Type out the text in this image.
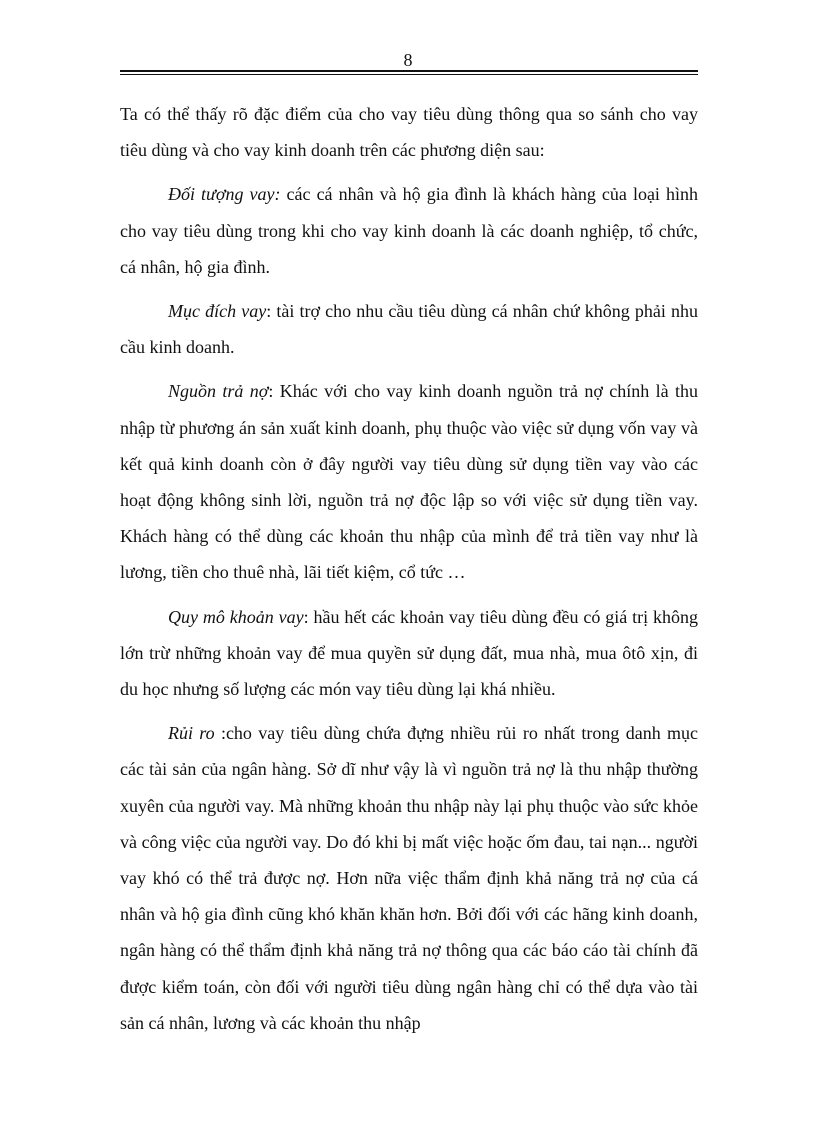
8

Ta có thể thấy rõ đặc điểm của cho vay tiêu dùng thông qua so sánh cho vay tiêu dùng và cho vay kinh doanh trên các phương diện sau:

Đối tượng vay: các cá nhân và hộ gia đình là khách hàng của loại hình cho vay tiêu dùng trong khi cho vay kinh doanh là các doanh nghiệp, tổ chức, cá nhân, hộ gia đình.

Mục đích vay: tài trợ cho nhu cầu tiêu dùng cá nhân chứ không phải nhu cầu kinh doanh.

Nguồn trả nợ: Khác với cho vay kinh doanh nguồn trả nợ chính là thu nhập từ phương án sản xuất kinh doanh, phụ thuộc vào việc sử dụng vốn vay và kết quả kinh doanh còn ở đây người vay tiêu dùng sử dụng tiền vay vào các hoạt động không sinh lời, nguồn trả nợ độc lập so với việc sử dụng tiền vay. Khách hàng có thể dùng các khoản thu nhập của mình để trả tiền vay như là lương, tiền cho thuê nhà, lãi tiết kiệm, cổ tức …

Quy mô khoản vay: hầu hết các khoản vay tiêu dùng đều có giá trị không lớn trừ những khoản vay để mua quyền sử dụng đất, mua nhà, mua ôtô xịn, đi du học nhưng số lượng các món vay tiêu dùng lại khá nhiều.

Rủi ro :cho vay tiêu dùng chứa đựng nhiều rủi ro nhất trong danh mục các tài sản của ngân hàng. Sở dĩ như vậy là vì nguồn trả nợ là thu nhập thường xuyên của người vay. Mà những khoản thu nhập này lại phụ thuộc vào sức khỏe và công việc của người vay. Do đó khi bị mất việc hoặc ốm đau, tai nạn... người vay khó có thể trả được nợ. Hơn nữa việc thẩm định khả năng trả nợ của cá nhân và hộ gia đình cũng khó khăn khăn hơn. Bởi đối với các hãng kinh doanh, ngân hàng có thể thẩm định khả năng trả nợ thông qua các báo cáo tài chính đã được kiểm toán, còn đối với người tiêu dùng ngân hàng chỉ có thể dựa vào tài sản cá nhân, lương và các khoản thu nhập
